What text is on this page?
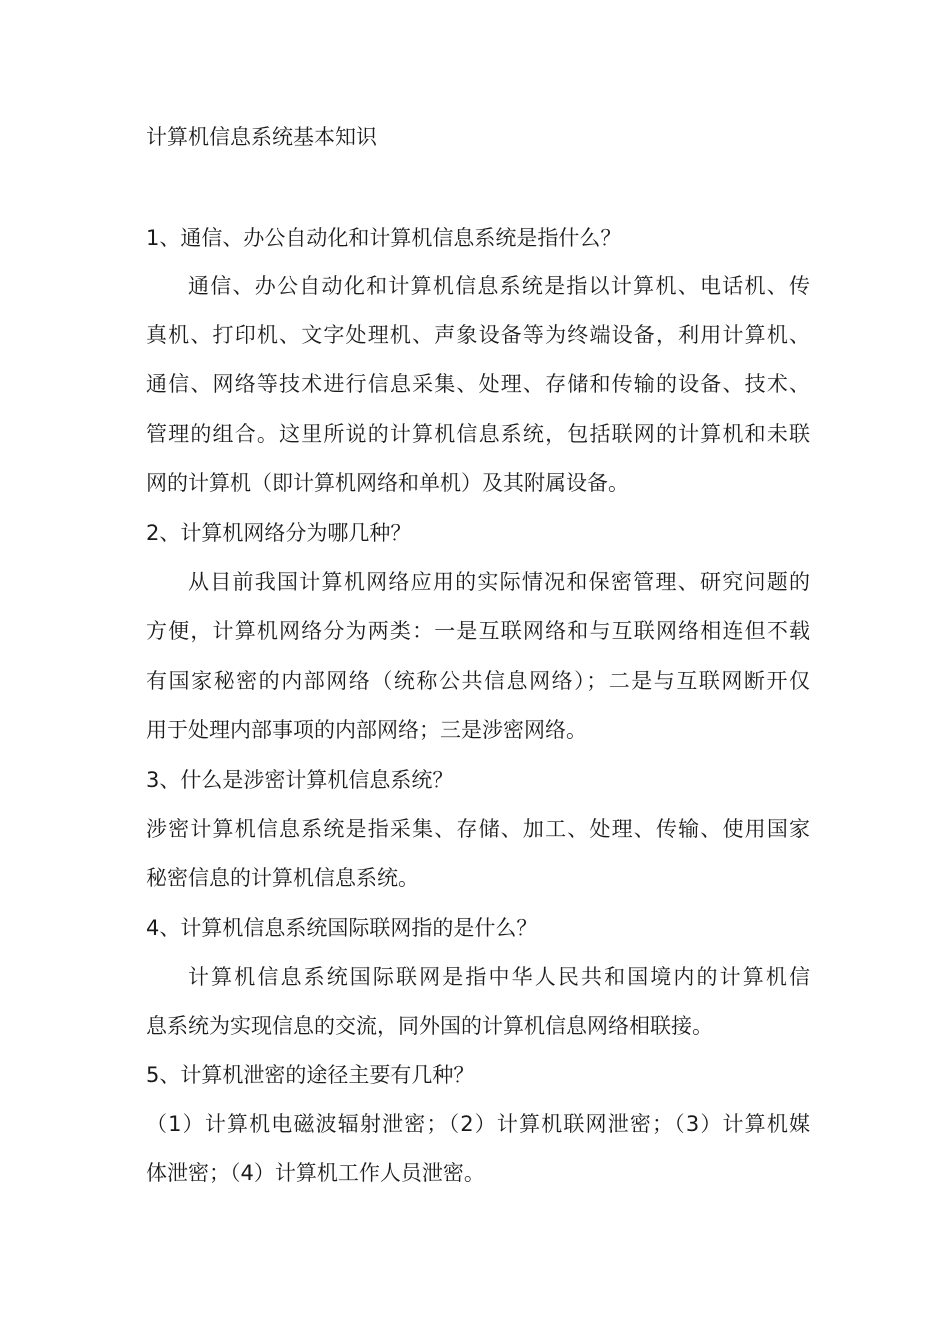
计算机信息系统基本知识
1、通信、办公自动化和计算机信息系统是指什么？
通信、办公自动化和计算机信息系统是指以计算机、电话机、传
真机、打印机、文字处理机、声象设备等为终端设备，利用计算机、
通信、网络等技术进行信息采集、处理、存储和传输的设备、技术、
管理的组合。这里所说的计算机信息系统，包括联网的计算机和未联
网的计算机（即计算机网络和单机）及其附属设备。
2、计算机网络分为哪几种？
从目前我国计算机网络应用的实际情况和保密管理、研究问题的
方便，计算机网络分为两类：一是互联网络和与互联网络相连但不载
有国家秘密的内部网络（统称公共信息网络）；二是与互联网断开仅
用于处理内部事项的内部网络；三是涉密网络。
3、什么是涉密计算机信息系统？
涉密计算机信息系统是指采集、存储、加工、处理、传输、使用国家
秘密信息的计算机信息系统。
4、计算机信息系统国际联网指的是什么？
计算机信息系统国际联网是指中华人民共和国境内的计算机信
息系统为实现信息的交流，同外国的计算机信息网络相联接。
5、计算机泄密的途径主要有几种？
（1）计算机电磁波辐射泄密；（2）计算机联网泄密；（3）计算机媒
体泄密；（4）计算机工作人员泄密。
